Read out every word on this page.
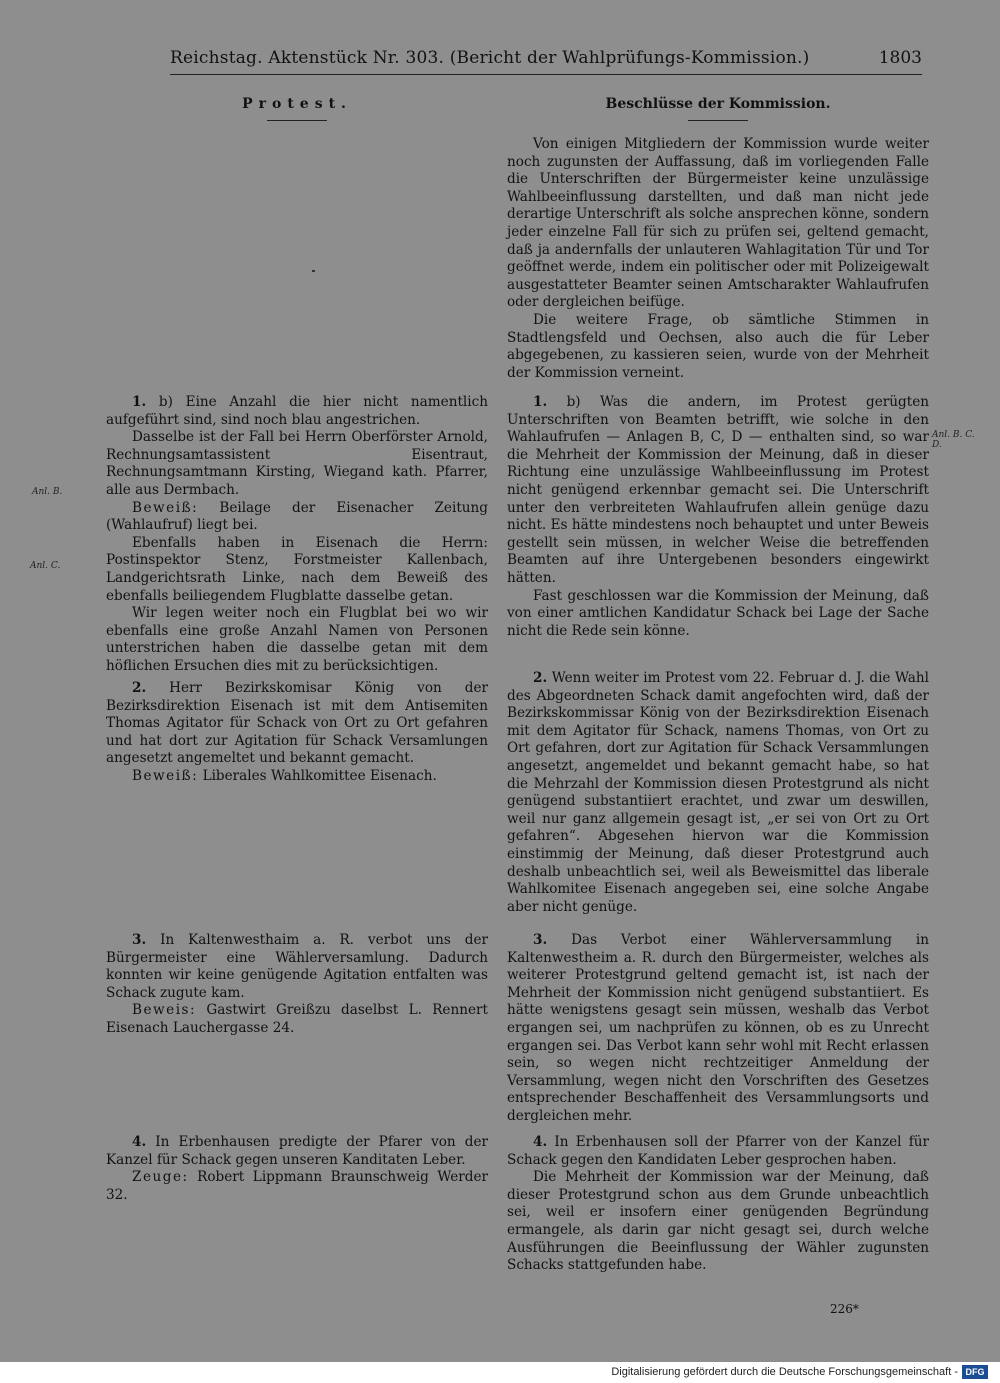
Reichstag. Aktenstück Nr. 303. (Bericht der Wahlprüfungs-Kommission.)	1803
Protest.

1. b) Eine Anzahl die hier nicht namentlich aufgeführt sind, sind noch blau angestrichen.

Dasselbe ist der Fall bei Herrn Oberförster Arnold, Rechnungsamtassistent Eisentraut, Rechnungsamtmann Kirsting, Wiegand kath. Pfarrer, alle aus Dermbach.

Beweiß: Beilage der Eisenacher Zeitung (Wahlaufruf) liegt bei.

Ebenfalls haben in Eisenach die Herrn: Postinspektor Stenz, Forstmeister Kallenbach, Landgerichtsrath Linke, nach dem Beweiß des ebenfalls beiliegendem Flugblatte dasselbe getan.

Wir legen weiter noch ein Flugblat bei wo wir ebenfalls eine große Anzahl Namen von Personen unterstrichen haben die dasselbe getan mit dem höflichen Ersuchen dies mit zu berücksichtigen.

2. Herr Bezirkskomisar König von der Bezirksdirektion Eisenach ist mit dem Antisemiten Thomas Agitator für Schack von Ort zu Ort gefahren und hat dort zur Agitation für Schack Versamlungen angesetzt angemeltet und bekannt gemacht.

Beweiß: Liberales Wahlkomittee Eisenach.

3. In Kaltenwesthaim a. R. verbot uns der Bürgermeister eine Wählerversamlung. Dadurch konnten wir keine genügende Agitation entfalten was Schack zugute kam.

Beweis: Gastwirt Greißzu daselbst L. Rennert Eisenach Lauchergasse 24.

4. In Erbenhausen predigte der Pfarer von der Kanzel für Schack gegen unseren Kanditaten Leber.

Zeuge: Robert Lippmann Braunschweig Werder 32.

Anl. B.
Anl. C.
Anl. B. C. D.
Beschlüsse der Kommission.

Von einigen Mitgliedern der Kommission wurde weiter noch zugunsten der Auffassung, daß im vorliegenden Falle die Unterschriften der Bürgermeister keine unzulässige Wahlbeeinflussung darstellten, und daß man nicht jede derartige Unterschrift als solche ansprechen könne, sondern jeder einzelne Fall für sich zu prüfen sei, geltend gemacht, daß ja andernfalls der unlauteren Wahlagitation Tür und Tor geöffnet werde, indem ein politischer oder mit Polizeigewalt ausgestatteter Beamter seinen Amtscharakter Wahlaufrufen oder dergleichen beifüge.

Die weitere Frage, ob sämtliche Stimmen in Stadtlengsfeld und Oechsen, also auch die für Leber abgegebenen, zu kassieren seien, wurde von der Mehrheit der Kommission verneint.

1. b) Was die andern, im Protest gerügten Unterschriften von Beamten betrifft, wie solche in den Wahlaufrufen — Anlagen B, C, D — enthalten sind, so war die Mehrheit der Kommission der Meinung, daß in dieser Richtung eine unzulässige Wahlbeeinflussung im Protest nicht genügend erkennbar gemacht sei. Die Unterschrift unter den verbreiteten Wahlaufrufen allein genüge dazu nicht. Es hätte mindestens noch behauptet und unter Beweis gestellt sein müssen, in welcher Weise die betreffenden Beamten auf ihre Untergebenen besonders eingewirkt hätten.

Fast geschlossen war die Kommission der Meinung, daß von einer amtlichen Kandidatur Schack bei Lage der Sache nicht die Rede sein könne.

2. Wenn weiter im Protest vom 22. Februar d. J. die Wahl des Abgeordneten Schack damit angefochten wird, daß der Bezirkskommissar König von der Bezirksdirektion Eisenach mit dem Agitator für Schack, namens Thomas, von Ort zu Ort gefahren, dort zur Agitation für Schack Versammlungen angesetzt, angemeldet und bekannt gemacht habe, so hat die Mehrzahl der Kommission diesen Protestgrund als nicht genügend substantiiert erachtet, und zwar um deswillen, weil nur ganz allgemein gesagt ist, „er sei von Ort zu Ort gefahren“. Abgesehen hiervon war die Kommission einstimmig der Meinung, daß dieser Protestgrund auch deshalb unbeachtlich sei, weil als Beweismittel das liberale Wahlkomitee Eisenach angegeben sei, eine solche Angabe aber nicht genüge.

3. Das Verbot einer Wählerversammlung in Kaltenwestheim a. R. durch den Bürgermeister, welches als weiterer Protestgrund geltend gemacht ist, ist nach der Mehrheit der Kommission nicht genügend substantiiert. Es hätte wenigstens gesagt sein müssen, weshalb das Verbot ergangen sei, um nachprüfen zu können, ob es zu Unrecht ergangen sei. Das Verbot kann sehr wohl mit Recht erlassen sein, so wegen nicht rechtzeitiger Anmeldung der Versammlung, wegen nicht den Vorschriften des Gesetzes entsprechender Beschaffenheit des Versammlungsorts und dergleichen mehr.

4. In Erbenhausen soll der Pfarrer von der Kanzel für Schack gegen den Kandidaten Leber gesprochen haben.

Die Mehrheit der Kommission war der Meinung, daß dieser Protestgrund schon aus dem Grunde unbeachtlich sei, weil er insofern einer genügenden Begründung ermangele, als darin gar nicht gesagt sei, durch welche Ausführungen die Beeinflussung der Wähler zugunsten Schacks stattgefunden habe.

226*
Digitalisierung gefördert durch die Deutsche Forschungsgemeinschaft - DFG
